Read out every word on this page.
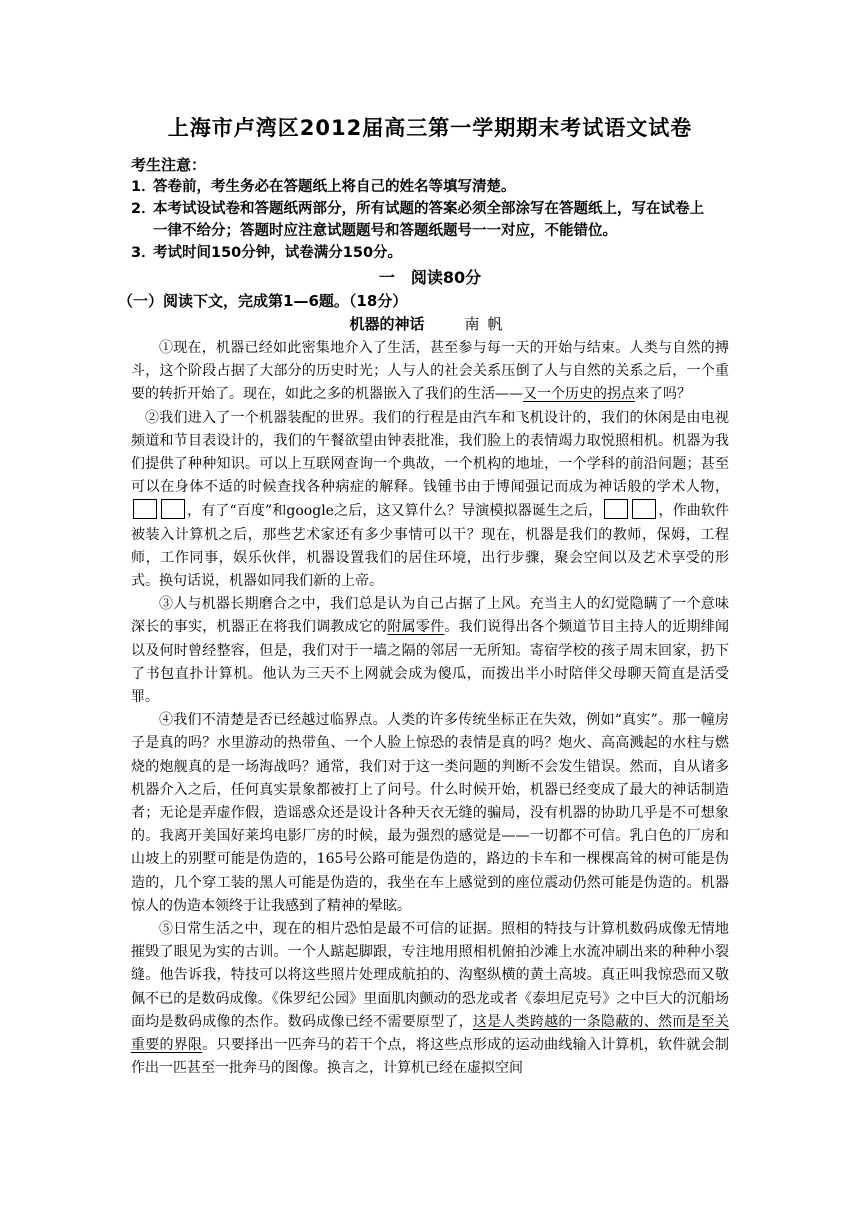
上海市卢湾区2012届高三第一学期期末考试语文试卷
考生注意：
1．答卷前，考生务必在答题纸上将自己的姓名等填写清楚。
2．本考试设试卷和答题纸两部分，所有试题的答案必须全部涂写在答题纸上，写在试卷上
一律不给分；答题时应注意试题题号和答题纸题号一一对应，不能错位。
3．考试时间150分钟，试卷满分150分。
一　阅读80分
（一）阅读下文，完成第1—6题。（18分）
机器的神话	南帆

①现在，机器已经如此密集地介入了生活，甚至参与每一天的开始与结束。人类与自然的搏斗，这个阶段占据了大部分的历史时光；人与人的社会关系压倒了人与自然的关系之后，一个重要的转折开始了。现在，如此之多的机器嵌入了我们的生活——又一个历史的拐点来了吗？

②我们进入了一个机器装配的世界。我们的行程是由汽车和飞机设计的，我们的休闲是由电视频道和节目表设计的，我们的午餐欲望由钟表批准，我们脸上的表情竭力取悦照相机。机器为我们提供了种种知识。可以上互联网查询一个典故，一个机构的地址，一个学科的前沿问题；甚至可以在身体不适的时候查找各种病症的解释。钱锺书由于博闻强记而成为神话般的学术人物，，有了“百度”和google之后，这又算什么？导演模拟器诞生之后，	，作曲软件被装入计算机之后，那些艺术家还有多少事情可以干？现在，机器是我们的教师，保姆，工程师，工作同事，娱乐伙伴，机器设置我们的居住环境，出行步骤，聚会空间以及艺术享受的形式。换句话说，机器如同我们新的上帝。

③人与机器长期磨合之中，我们总是认为自己占据了上风。充当主人的幻觉隐瞒了一个意味深长的事实，机器正在将我们调教成它的附属零件。我们说得出各个频道节目主持人的近期绯闻以及何时曾经整容，但是，我们对于一墙之隔的邻居一无所知。寄宿学校的孩子周末回家，扔下了书包直扑计算机。他认为三天不上网就会成为傻瓜，而拨出半小时陪伴父母聊天简直是活受罪。

④我们不清楚是否已经越过临界点。人类的许多传统坐标正在失效，例如“真实”。那一幢房子是真的吗？水里游动的热带鱼、一个人脸上惊恐的表情是真的吗？炮火、高高溅起的水柱与燃烧的炮舰真的是一场海战吗？通常，我们对于这一类问题的判断不会发生错误。然而，自从诸多机器介入之后，任何真实景象都被打上了问号。什么时候开始，机器已经变成了最大的神话制造者；无论是弄虚作假，造谣惑众还是设计各种天衣无缝的骗局，没有机器的协助几乎是不可想象的。我离开美国好莱坞电影厂房的时候，最为强烈的感觉是——一切都不可信。乳白色的厂房和山坡上的别墅可能是伪造的，165号公路可能是伪造的，路边的卡车和一棵棵高耸的树可能是伪造的，几个穿工装的黑人可能是伪造的，我坐在车上感觉到的座位震动仍然可能是伪造的。机器惊人的伪造本领终于让我感到了精神的晕眩。

⑤日常生活之中，现在的相片恐怕是最不可信的证据。照相的特技与计算机数码成像无情地摧毁了眼见为实的古训。一个人踮起脚跟，专注地用照相机俯拍沙滩上水流冲刷出来的种种小裂缝。他告诉我，特技可以将这些照片处理成航拍的、沟壑纵横的黄土高坡。真正叫我惊恐而又敬佩不已的是数码成像。《侏罗纪公园》里面肌肉颤动的恐龙或者《泰坦尼克号》之中巨大的沉船场面均是数码成像的杰作。数码成像已经不需要原型了，这是人类跨越的一条隐蔽的、然而是至关重要的界限。只要择出一匹奔马的若干个点，将这些点形成的运动曲线输入计算机，软件就会制作出一匹甚至一批奔马的图像。换言之，计算机已经在虚拟空间
